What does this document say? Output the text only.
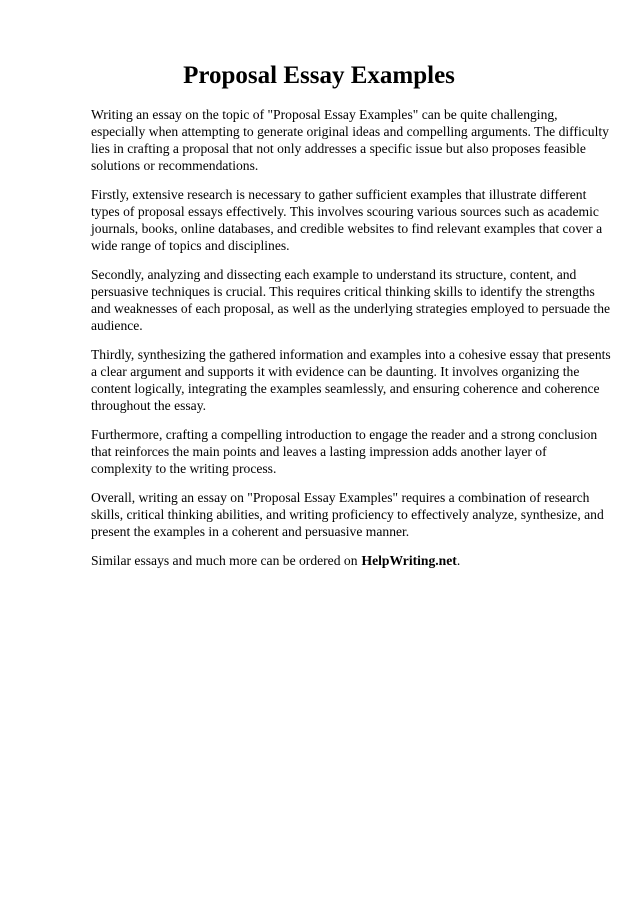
Proposal Essay Examples

Writing an essay on the topic of "Proposal Essay Examples" can be quite challenging, especially when attempting to generate original ideas and compelling arguments. The difficulty lies in crafting a proposal that not only addresses a specific issue but also proposes feasible solutions or recommendations.

Firstly, extensive research is necessary to gather sufficient examples that illustrate different types of proposal essays effectively. This involves scouring various sources such as academic journals, books, online databases, and credible websites to find relevant examples that cover a wide range of topics and disciplines.

Secondly, analyzing and dissecting each example to understand its structure, content, and persuasive techniques is crucial. This requires critical thinking skills to identify the strengths and weaknesses of each proposal, as well as the underlying strategies employed to persuade the audience.

Thirdly, synthesizing the gathered information and examples into a cohesive essay that presents a clear argument and supports it with evidence can be daunting. It involves organizing the content logically, integrating the examples seamlessly, and ensuring coherence and coherence throughout the essay.

Furthermore, crafting a compelling introduction to engage the reader and a strong conclusion that reinforces the main points and leaves a lasting impression adds another layer of complexity to the writing process.

Overall, writing an essay on "Proposal Essay Examples" requires a combination of research skills, critical thinking abilities, and writing proficiency to effectively analyze, synthesize, and present the examples in a coherent and persuasive manner.

Similar essays and much more can be ordered on HelpWriting.net.
